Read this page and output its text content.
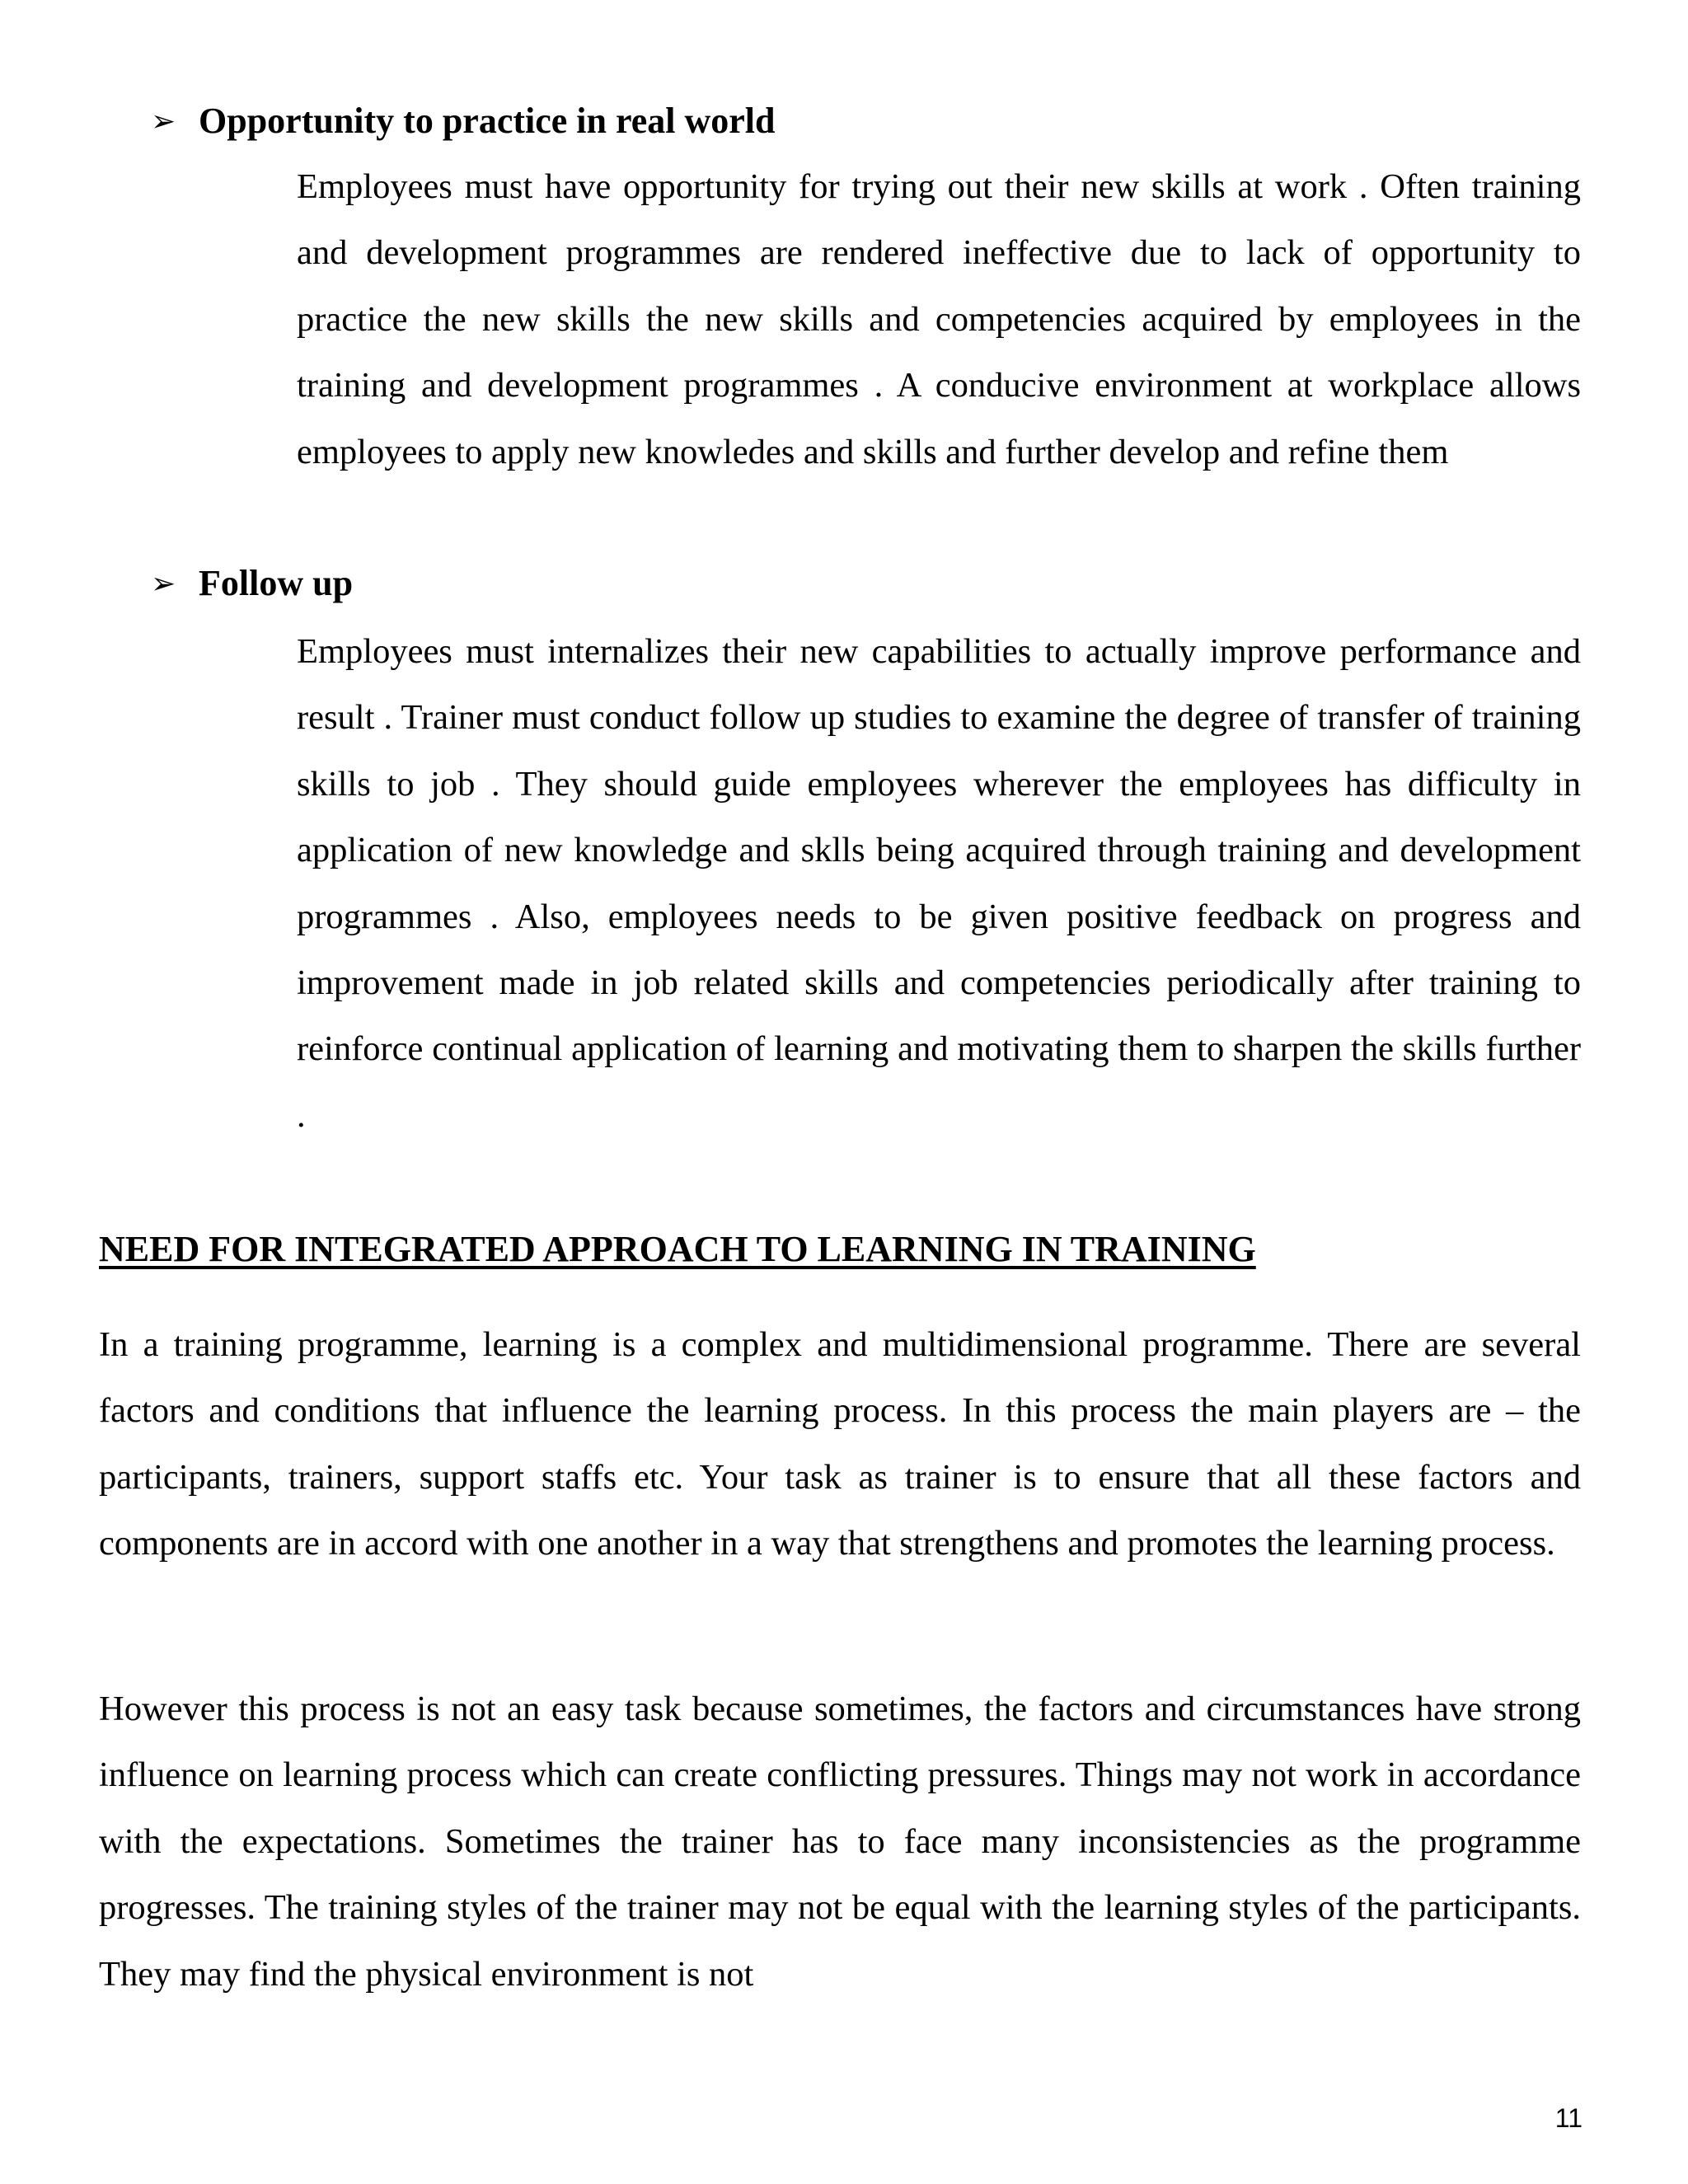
➢ Opportunity to practice in real world

Employees must have opportunity for trying out their new skills at work . Often training and development programmes are rendered ineffective due to lack of opportunity to practice the new skills the new skills and competencies acquired by employees in the training and development programmes . A conducive environment at workplace allows employees to apply new knowledes and skills and further develop and refine them

➢ Follow up

Employees must internalizes their new capabilities to actually improve performance and result . Trainer must conduct follow up studies to examine the degree of transfer of training skills to job . They should guide employees wherever the employees has difficulty in application of new knowledge and sklls being acquired through training and development programmes . Also, employees needs to be given positive feedback on progress and improvement made in job related skills and competencies periodically after training to reinforce continual application of learning and motivating them to sharpen the skills further .

NEED FOR INTEGRATED APPROACH TO LEARNING IN TRAINING

In a training programme, learning is a complex and multidimensional programme. There are several factors and conditions that influence the learning process. In this process the main players are – the participants, trainers, support staffs etc. Your task as trainer is to ensure that all these factors and components are in accord with one another in a way that strengthens and promotes the learning process.

However this process is not an easy task because sometimes, the factors and circumstances have strong influence on learning process which can create conflicting pressures. Things may not work in accordance with the expectations. Sometimes the trainer has to face many inconsistencies as the programme progresses. The training styles of the trainer may not be equal with the learning styles of the participants. They may find the physical environment is not

11
